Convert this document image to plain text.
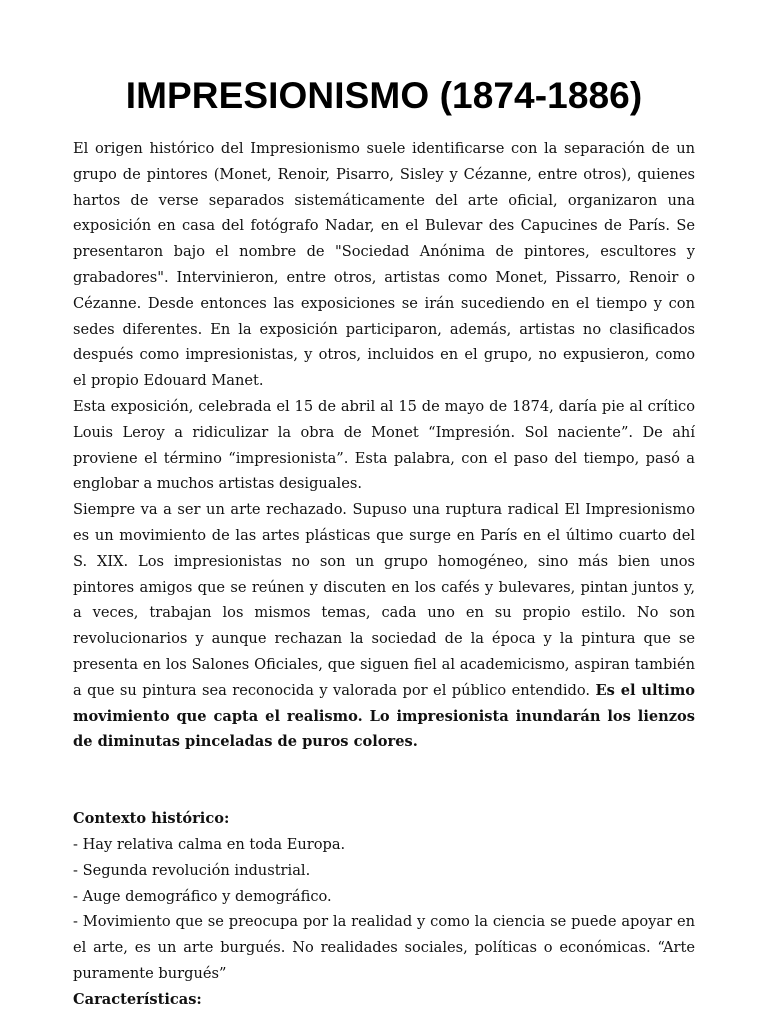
IMPRESIONISMO (1874-1886)

El origen histórico del Impresionismo suele identificarse con la separación de un grupo de pintores (Monet, Renoir, Pisarro, Sisley y Cézanne, entre otros), quienes hartos de verse separados sistemáticamente del arte oficial, organizaron una exposición en casa del fotógrafo Nadar, en el Bulevar des Capucines de París. Se presentaron bajo el nombre de "Sociedad Anónima de pintores, escultores y grabadores". Intervinieron, entre otros, artistas como Monet, Pissarro, Renoir o Cézanne. Desde entonces las exposiciones se irán sucediendo en el tiempo y con sedes diferentes. En la exposición participaron, además, artistas no clasificados después como impresionistas, y otros, incluidos en el grupo, no expusieron, como el propio Edouard Manet.

Esta exposición, celebrada el 15 de abril al 15 de mayo de 1874, daría pie al crítico Louis Leroy a ridiculizar la obra de Monet “Impresión. Sol naciente”. De ahí proviene el término “impresionista”. Esta palabra, con el paso del tiempo, pasó a englobar a muchos artistas desiguales.

Siempre va a ser un arte rechazado. Supuso una ruptura radical El Impresionismo es un movimiento de las artes plásticas que surge en París en el último cuarto del S. XIX. Los impresionistas no son un grupo homogéneo, sino más bien unos pintores amigos que se reúnen y discuten en los cafés y bulevares, pintan juntos y, a veces, trabajan los mismos temas, cada uno en su propio estilo. No son revolucionarios y aunque rechazan la sociedad de la época y la pintura que se presenta en los Salones Oficiales, que siguen fiel al academicismo, aspiran también a que su pintura sea reconocida y valorada por el público entendido. Es el ultimo movimiento que capta el realismo. Lo impresionista inundarán los lienzos de diminutas pinceladas de puros colores.

Contexto histórico:

- Hay relativa calma en toda Europa.

- Segunda revolución industrial.

- Auge demográfico y demográfico.

- Movimiento que se preocupa por la realidad y como la ciencia se puede apoyar en el arte, es un arte burgués. No realidades sociales, políticas o económicas. “Arte puramente burgués”

Características:
